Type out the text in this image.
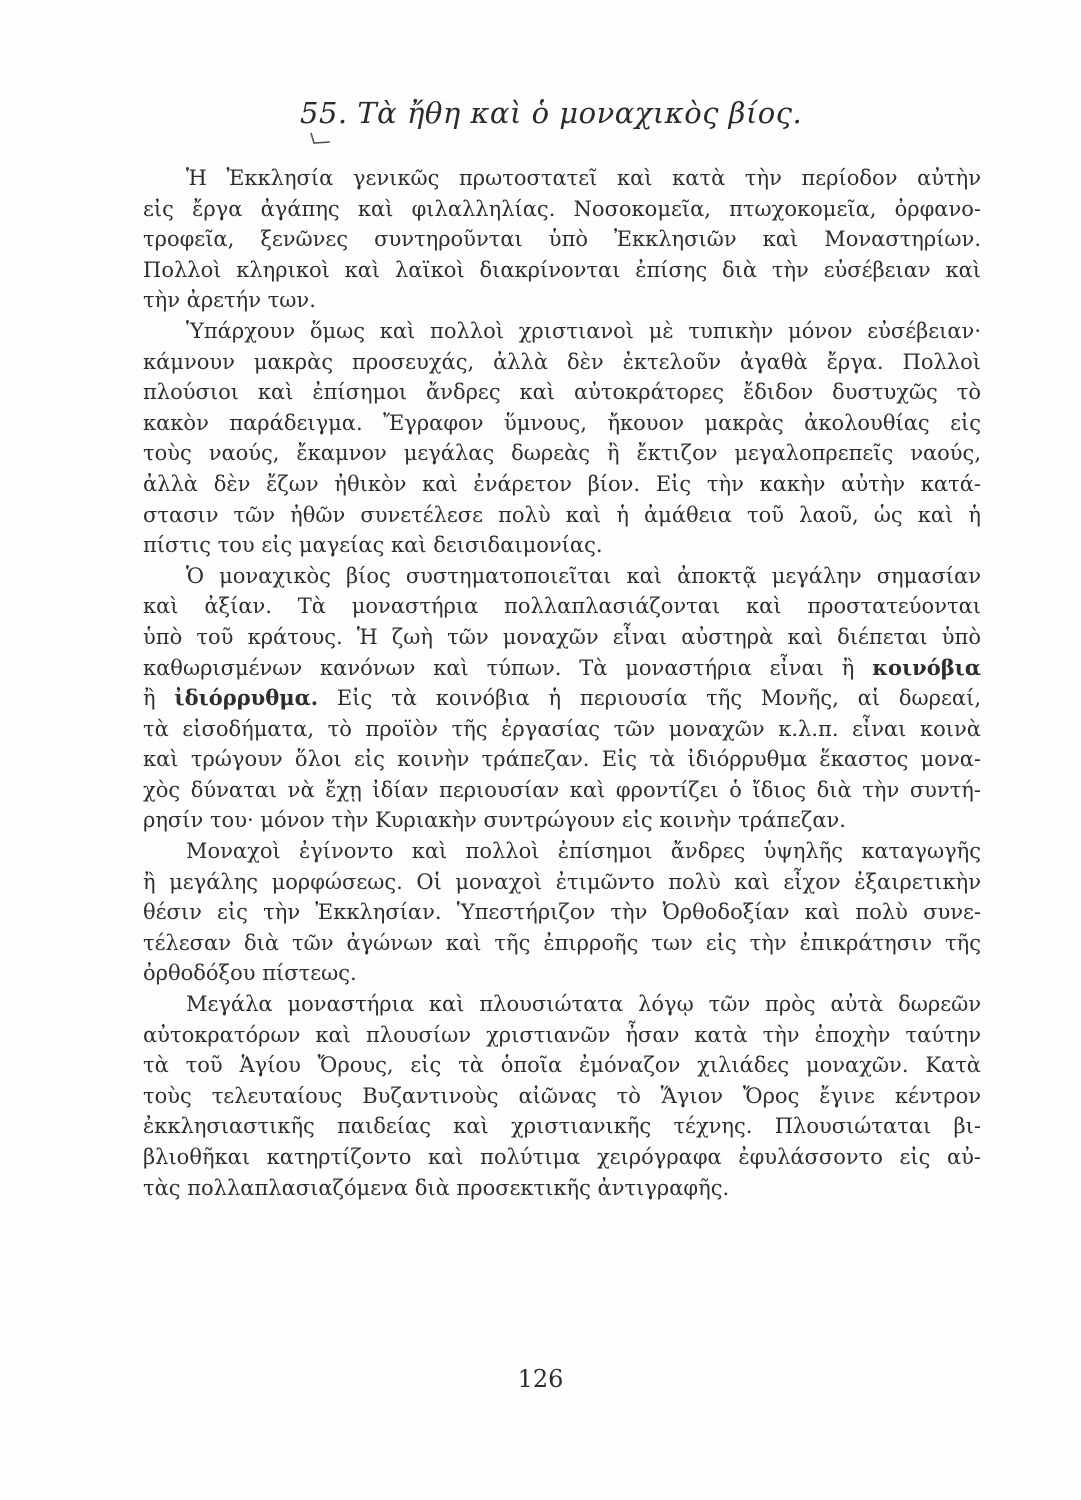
55. Τὰ ἤθη καὶ ὁ μοναχικὸς βίος.

Ἡ Ἐκκλησία γενικῶς πρωτοστατεῖ καὶ κατὰ τὴν περίοδον αὐτὴν
εἰς ἔργα ἀγάπης καὶ φιλαλληλίας. Νοσοκομεῖα, πτωχοκομεῖα, ὀρφανο-
τροφεῖα, ξενῶνες συντηροῦνται ὑπὸ Ἐκκλησιῶν καὶ Μοναστηρίων.
Πολλοὶ κληρικοὶ καὶ λαϊκοὶ διακρίνονται ἐπίσης διὰ τὴν εὐσέβειαν καὶ
τὴν ἀρετήν των.

Ὑπάρχουν ὅμως καὶ πολλοὶ χριστιανοὶ μὲ τυπικὴν μόνον εὐσέβειαν·
κάμνουν μακρὰς προσευχάς, ἀλλὰ δὲν ἐκτελοῦν ἀγαθὰ ἔργα. Πολλοὶ
πλούσιοι καὶ ἐπίσημοι ἄνδρες καὶ αὐτοκράτορες ἔδιδον δυστυχῶς τὸ
κακὸν παράδειγμα. Ἔγραφον ὕμνους, ἤκουον μακρὰς ἀκολουθίας εἰς
τοὺς ναούς, ἔκαμνον μεγάλας δωρεὰς ἢ ἔκτιζον μεγαλοπρεπεῖς ναούς,
ἀλλὰ δὲν ἔζων ἠθικὸν καὶ ἐνάρετον βίον. Εἰς τὴν κακὴν αὐτὴν κατά-
στασιν τῶν ἠθῶν συνετέλεσε πολὺ καὶ ἡ ἀμάθεια τοῦ λαοῦ, ὡς καὶ ἡ
πίστις του εἰς μαγείας καὶ δεισιδαιμονίας.

Ὁ μοναχικὸς βίος συστηματοποιεῖται καὶ ἀποκτᾷ μεγάλην σημασίαν
καὶ ἀξίαν. Τὰ μοναστήρια πολλαπλασιάζονται καὶ προστατεύονται
ὑπὸ τοῦ κράτους. Ἡ ζωὴ τῶν μοναχῶν εἶναι αὐστηρὰ καὶ διέπεται ὑπὸ
καθωρισμένων κανόνων καὶ τύπων. Τὰ μοναστήρια εἶναι ἢ κοινόβια
ἢ ἰδιόρρυθμα. Εἰς τὰ κοινόβια ἡ περιουσία τῆς Μονῆς, αἱ δωρεαί,
τὰ εἰσοδήματα, τὸ προϊὸν τῆς ἐργασίας τῶν μοναχῶν κ.λ.π. εἶναι κοινὰ
καὶ τρώγουν ὅλοι εἰς κοινὴν τράπεζαν. Εἰς τὰ ἰδιόρρυθμα ἕκαστος μονα-
χὸς δύναται νὰ ἔχῃ ἰδίαν περιουσίαν καὶ φροντίζει ὁ ἴδιος διὰ τὴν συντή-
ρησίν του· μόνον τὴν Κυριακὴν συντρώγουν εἰς κοινὴν τράπεζαν.

Μοναχοὶ ἐγίνοντο καὶ πολλοὶ ἐπίσημοι ἄνδρες ὑψηλῆς καταγωγῆς
ἢ μεγάλης μορφώσεως. Οἱ μοναχοὶ ἐτιμῶντο πολὺ καὶ εἶχον ἐξαιρετικὴν
θέσιν εἰς τὴν Ἐκκλησίαν. Ὑπεστήριζον τὴν Ὀρθοδοξίαν καὶ πολὺ συνε-
τέλεσαν διὰ τῶν ἀγώνων καὶ τῆς ἐπιρροῆς των εἰς τὴν ἐπικράτησιν τῆς
ὀρθοδόξου πίστεως.

Μεγάλα μοναστήρια καὶ πλουσιώτατα λόγῳ τῶν πρὸς αὐτὰ δωρεῶν
αὐτοκρατόρων καὶ πλουσίων χριστιανῶν ἦσαν κατὰ τὴν ἐποχὴν ταύτην
τὰ τοῦ Ἁγίου Ὄρους, εἰς τὰ ὁποῖα ἐμόναζον χιλιάδες μοναχῶν. Κατὰ
τοὺς τελευταίους Βυζαντινοὺς αἰῶνας τὸ Ἅγιον Ὄρος ἔγινε κέντρον
ἐκκλησιαστικῆς παιδείας καὶ χριστιανικῆς τέχνης. Πλουσιώταται βι-
βλιοθῆκαι κατηρτίζοντο καὶ πολύτιμα χειρόγραφα ἐφυλάσσοντο εἰς αὐ-
τὰς πολλαπλασιαζόμενα διὰ προσεκτικῆς ἀντιγραφῆς.

126
